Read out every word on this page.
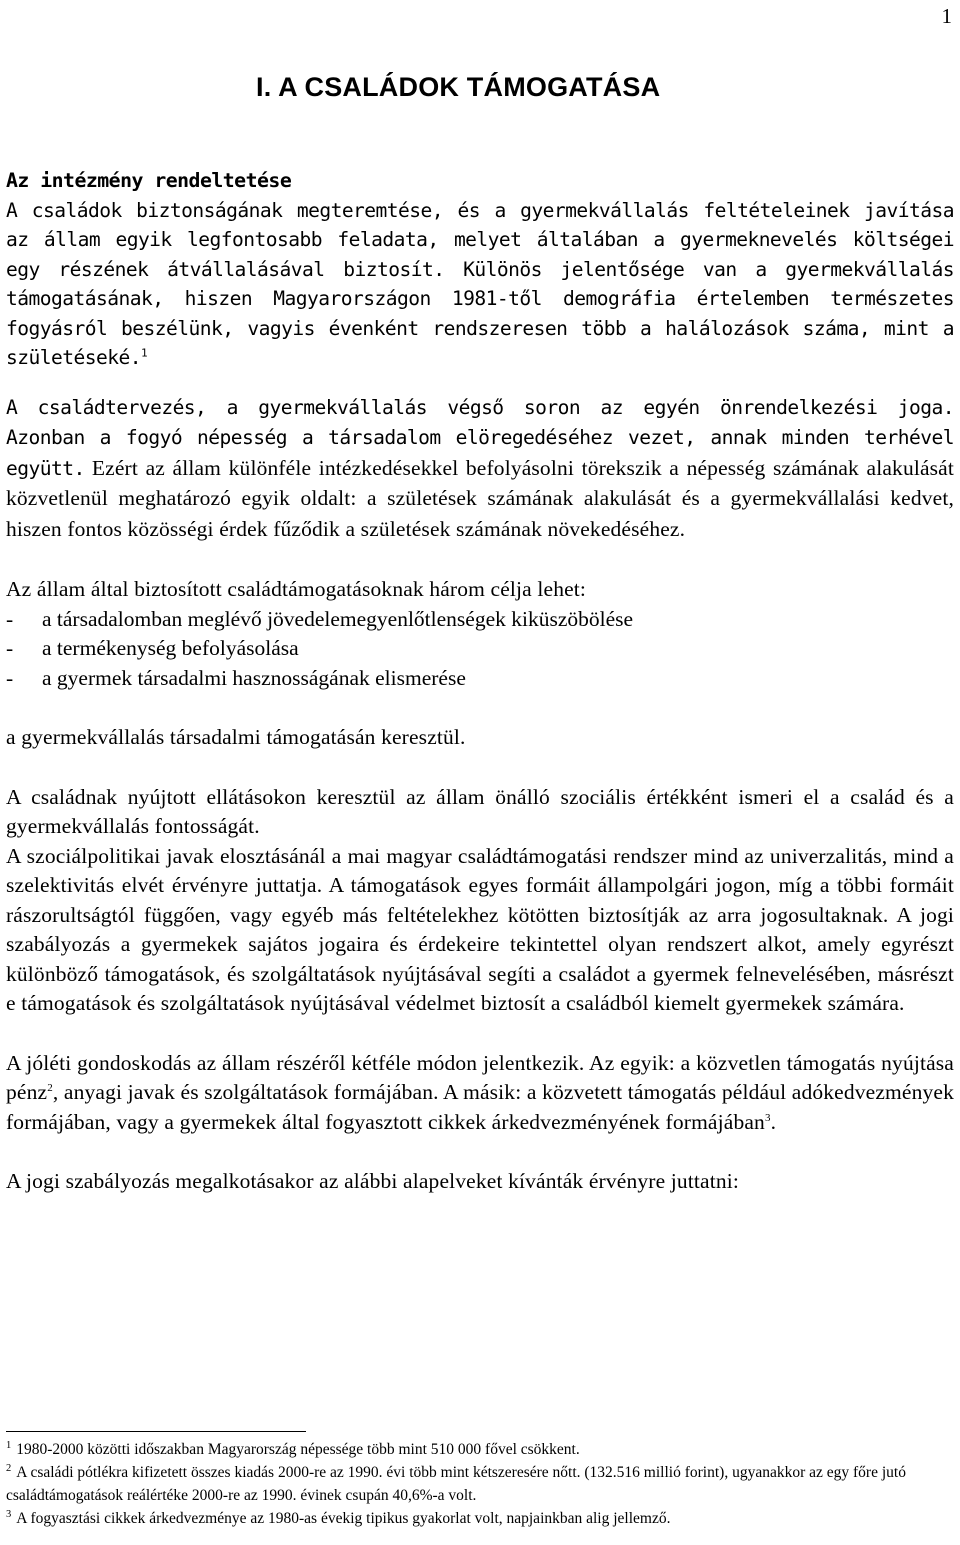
1
I. A CSALÁDOK TÁMOGATÁSA
Az intézmény rendeltetése

A családok biztonságának megteremtése, és a gyermekvállalás feltételeinek javítása az állam egyik legfontosabb feladata, melyet általában a gyermeknevelés költségei egy részének átvállalásával biztosít. Különös jelentősége van a gyermekvállalás támogatásának, hiszen Magyarországon 1981-től demográfia értelemben természetes fogyásról beszélünk, vagyis évenként rendszeresen több a halálozások száma, mint a születéseké.$^1$

A családtervezés, a gyermekvállalás végső soron az egyén önrendelkezési joga. Azonban a fogyó népesség a társadalom elöregedéséhez vezet, annak minden terhével együtt. Ezért az állam különféle intézkedésekkel befolyásolni törekszik a népesség számának alakulását közvetlenül meghatározó egyik oldalt: a születések számának alakulását és a gyermekvállalási kedvet, hiszen fontos közösségi érdek fűződik a születések számának növekedéséhez.

Az állam által biztosított családtámogatásoknak három célja lehet:

- a társadalomban meglévő jövedelemegyenlőtlenségek kiküszöbölése
- a termékenység befolyásolása
- a gyermek társadalmi hasznosságának elismerése

a gyermekvállalás társadalmi támogatásán keresztül.

A családnak nyújtott ellátásokon keresztül az állam önálló szociális értékként ismeri el a család és a gyermekvállalás fontosságát.

A szociálpolitikai javak elosztásánál a mai magyar családtámogatási rendszer mind az univerzalitás, mind a szelektivitás elvét érvényre juttatja. A támogatások egyes formáit állampolgári jogon, míg a többi formáit rászorultságtól függően, vagy egyéb más feltételekhez kötötten biztosítják az arra jogosultaknak. A jogi szabályozás a gyermekek sajátos jogaira és érdekeire tekintettel olyan rendszert alkot, amely egyrészt különböző támogatások, és szolgáltatások nyújtásával segíti a családot a gyermek felnevelésében, másrészt e támogatások és szolgáltatások nyújtásával védelmet biztosít a családból kiemelt gyermekek számára.

A jóléti gondoskodás az állam részéről kétféle módon jelentkezik. Az egyik: a közvetlen támogatás nyújtása pénz$^2$, anyagi javak és szolgáltatások formájában. A másik: a közvetett támogatás például adókedvezmények formájában, vagy a gyermekek által fogyasztott cikkek árkedvezményének formájában$^3$.

A jogi szabályozás megalkotásakor az alábbi alapelveket kívánták érvényre juttatni:

$^1$ 1980-2000 közötti időszakban Magyarország népessége több mint 510 000 fővel csökkent.

$^2$ A családi pótlékra kifizetett összes kiadás 2000-re az 1990. évi több mint kétszeresére nőtt. (132.516 millió forint), ugyanakkor az egy főre jutó családtámogatások reálértéke 2000-re az 1990. évinek csupán 40,6%-a volt.

$^3$ A fogyasztási cikkek árkedvezménye az 1980-as évekig tipikus gyakorlat volt, napjainkban alig jellemző.
